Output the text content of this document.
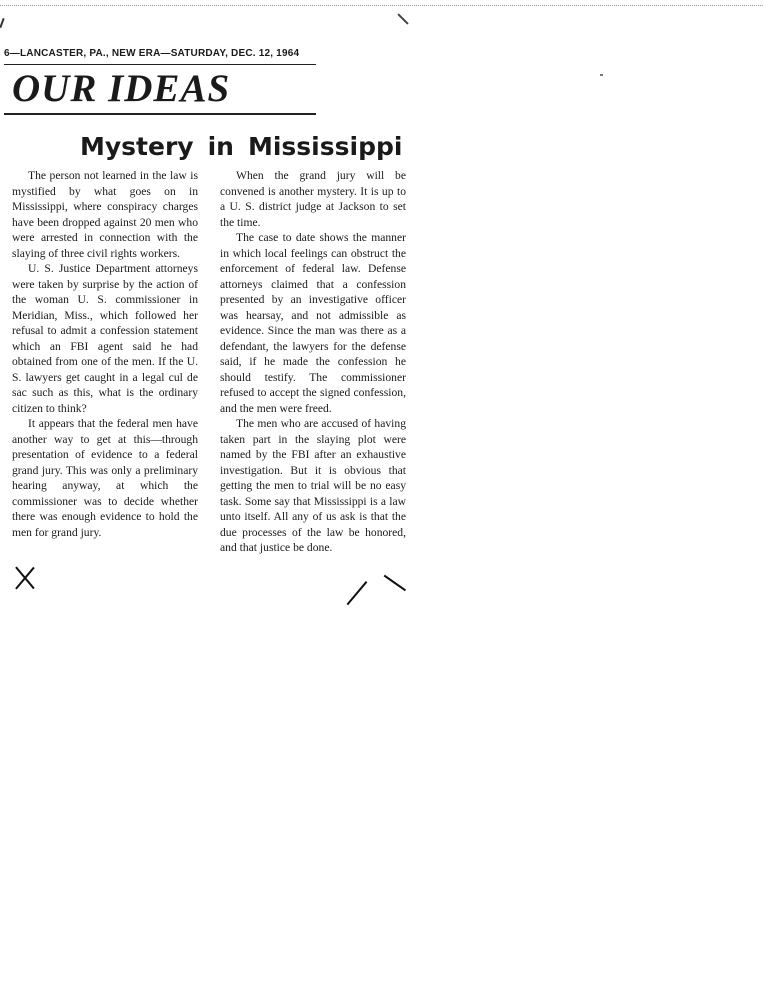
6—LANCASTER, PA., NEW ERA—SATURDAY, DEC. 12, 1964
OUR IDEAS
Mystery in Mississippi

The person not learned in the law is mystified by what goes on in Mississippi, where conspiracy charges have been dropped against 20 men who were arrested in connection with the slaying of three civil rights workers.

U. S. Justice Department attorneys were taken by surprise by the action of the woman U. S. commissioner in Meridian, Miss., which followed her refusal to admit a confession statement which an FBI agent said he had obtained from one of the men. If the U. S. lawyers get caught in a legal cul de sac such as this, what is the ordinary citizen to think?

It appears that the federal men have another way to get at this—through presentation of evidence to a federal grand jury. This was only a preliminary hearing anyway, at which the commissioner was to decide whether there was enough evidence to hold the men for grand jury.

When the grand jury will be convened is another mystery. It is up to a U. S. district judge at Jackson to set the time.

The case to date shows the manner in which local feelings can obstruct the enforcement of federal law. Defense attorneys claimed that a confession presented by an investigative officer was hearsay, and not admissible as evidence. Since the man was there as a defendant, the lawyers for the defense said, if he made the confession he should testify. The commissioner refused to accept the signed confession, and the men were freed.

The men who are accused of having taken part in the slaying plot were named by the FBI after an exhaustive investigation. But it is obvious that getting the men to trial will be no easy task. Some say that Mississippi is a law unto itself. All any of us ask is that the due processes of the law be honored, and that justice be done.
